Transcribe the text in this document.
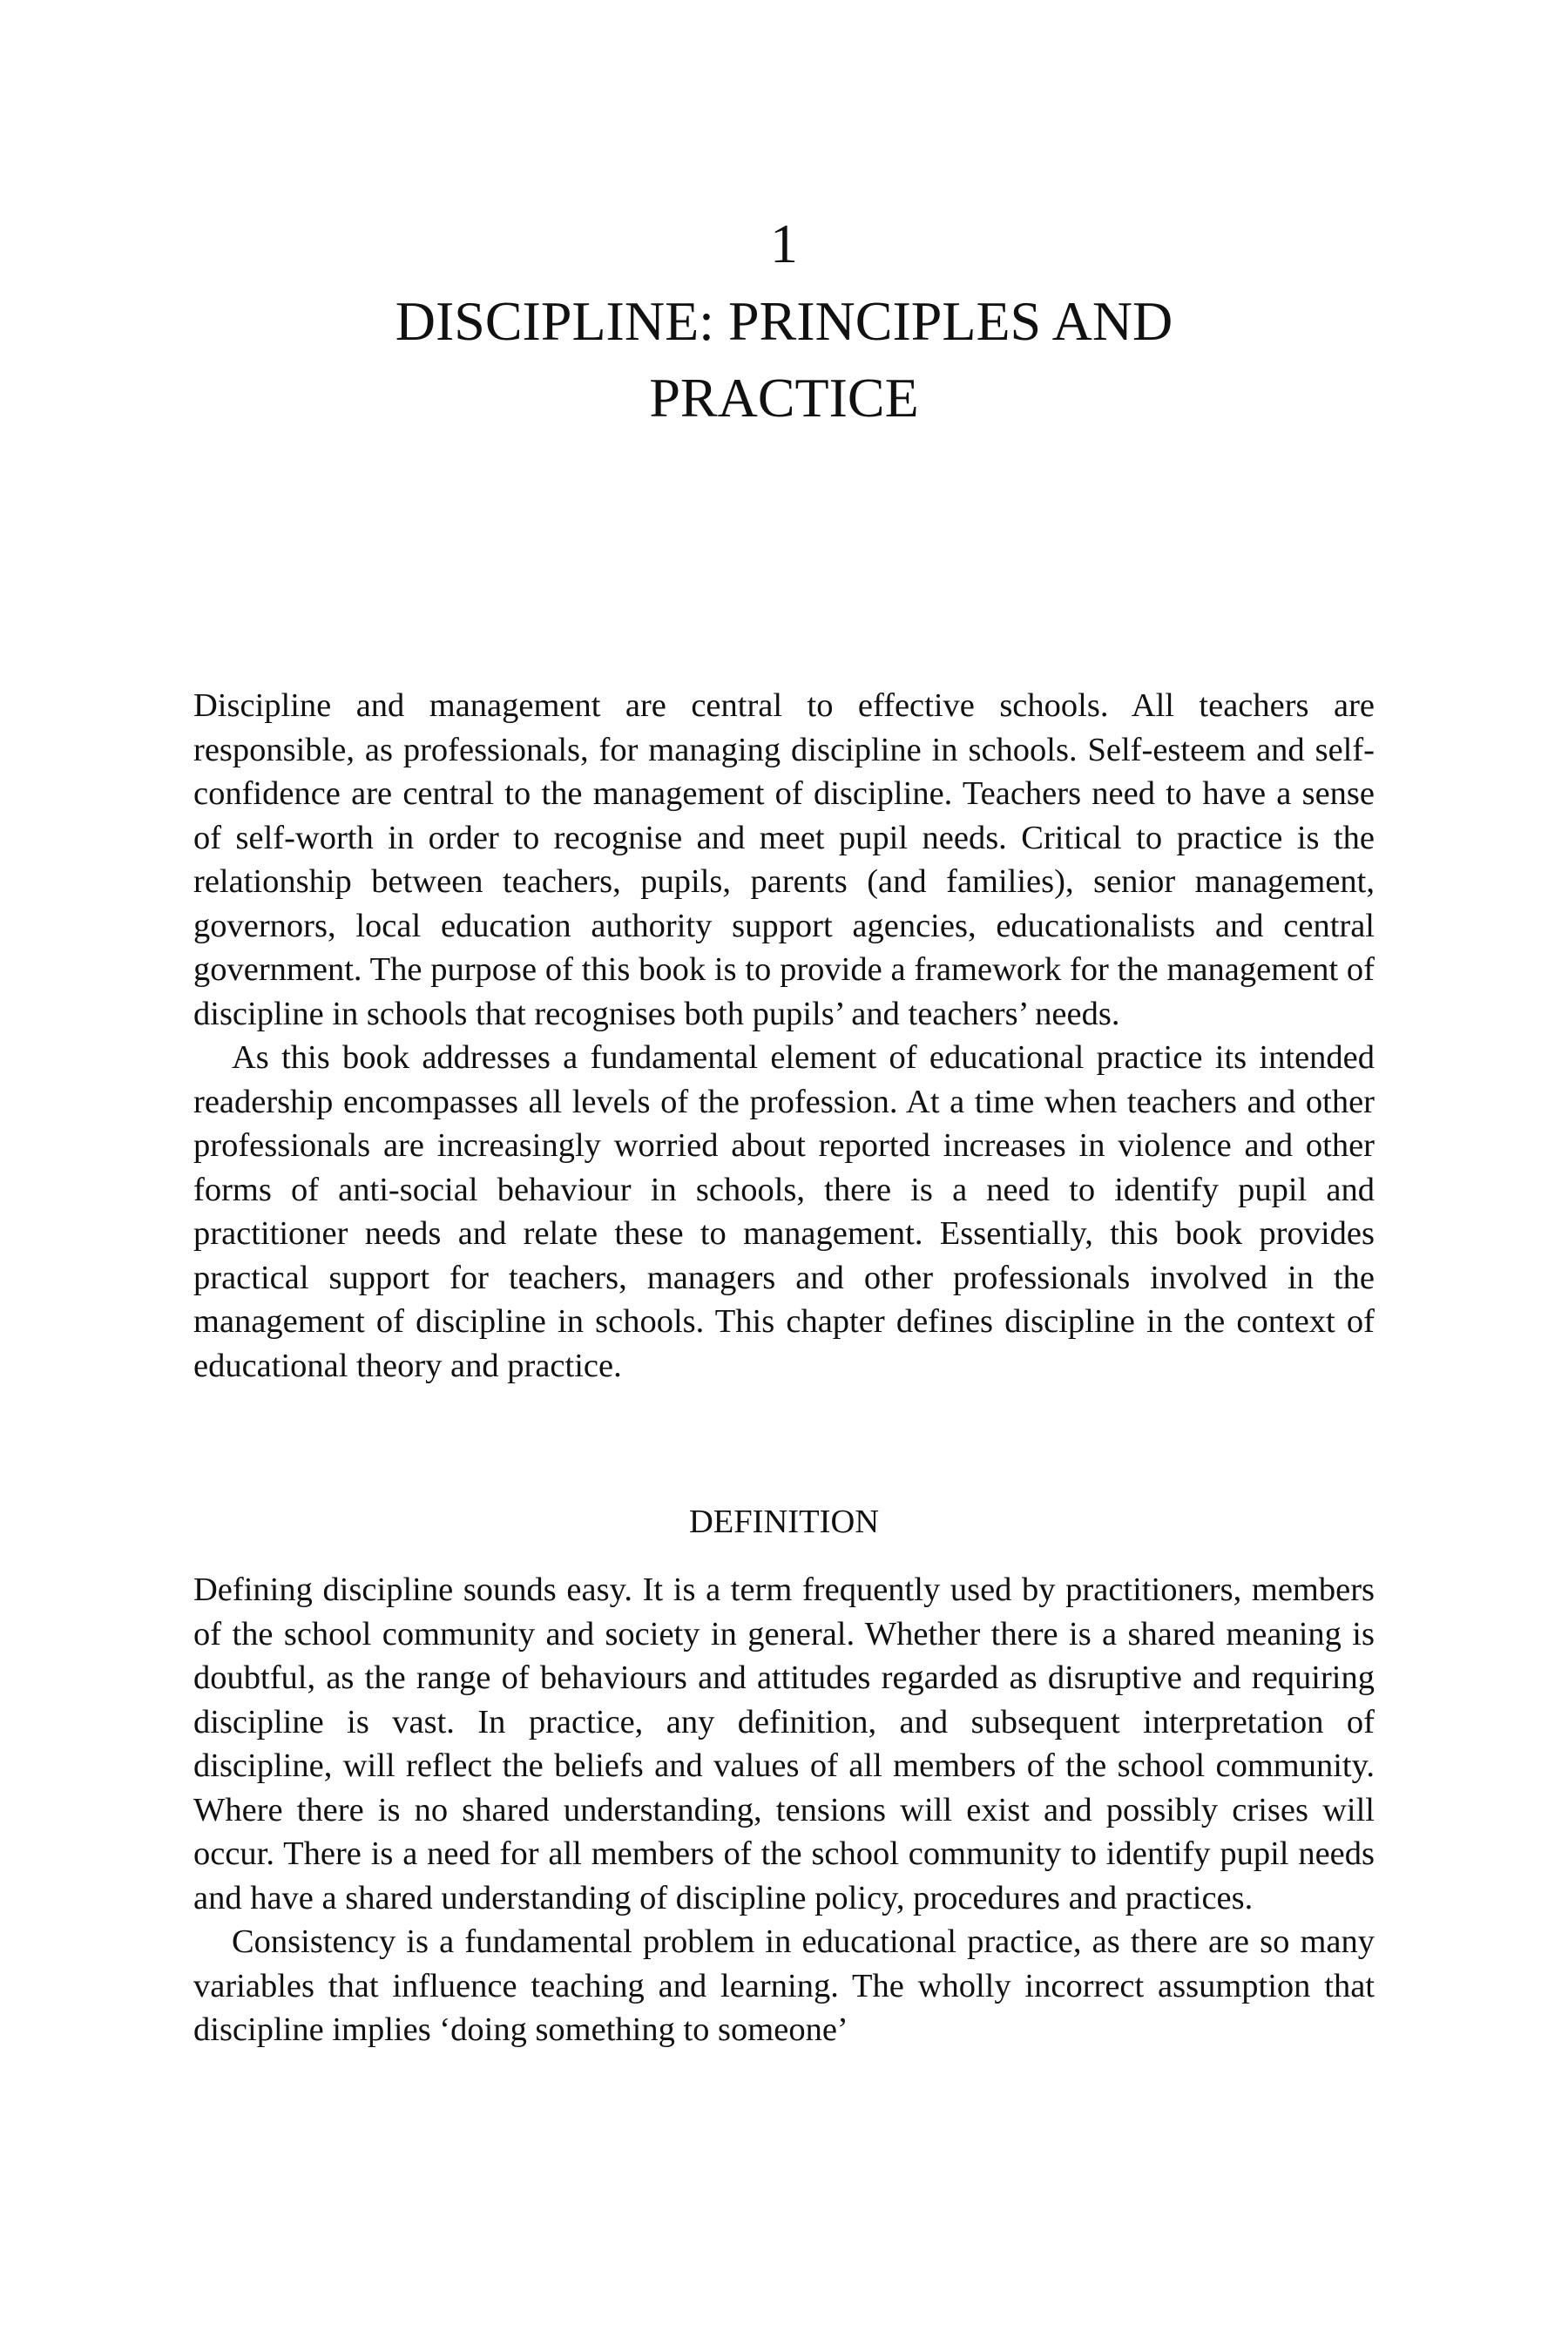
1
DISCIPLINE: PRINCIPLES AND PRACTICE

Discipline and management are central to effective schools. All teachers are responsible, as professionals, for managing discipline in schools. Self-esteem and self-confidence are central to the management of discipline. Teachers need to have a sense of self-worth in order to recognise and meet pupil needs. Critical to practice is the relationship between teachers, pupils, parents (and families), senior management, governors, local education authority support agencies, educationalists and central government. The purpose of this book is to provide a framework for the management of discipline in schools that recognises both pupils’ and teachers’ needs.

As this book addresses a fundamental element of educational practice its intended readership encompasses all levels of the profession. At a time when teachers and other professionals are increasingly worried about reported increases in violence and other forms of anti-social behaviour in schools, there is a need to identify pupil and practitioner needs and relate these to management. Essentially, this book provides practical support for teachers, managers and other professionals involved in the management of discipline in schools. This chapter defines discipline in the context of educational theory and practice.

DEFINITION

Defining discipline sounds easy. It is a term frequently used by practitioners, members of the school community and society in general. Whether there is a shared meaning is doubtful, as the range of behaviours and attitudes regarded as disruptive and requiring discipline is vast. In practice, any definition, and subsequent interpretation of discipline, will reflect the beliefs and values of all members of the school community. Where there is no shared understanding, tensions will exist and possibly crises will occur. There is a need for all members of the school community to identify pupil needs and have a shared understanding of discipline policy, procedures and practices.

Consistency is a fundamental problem in educational practice, as there are so many variables that influence teaching and learning. The wholly incorrect assumption that discipline implies ‘doing something to someone’
